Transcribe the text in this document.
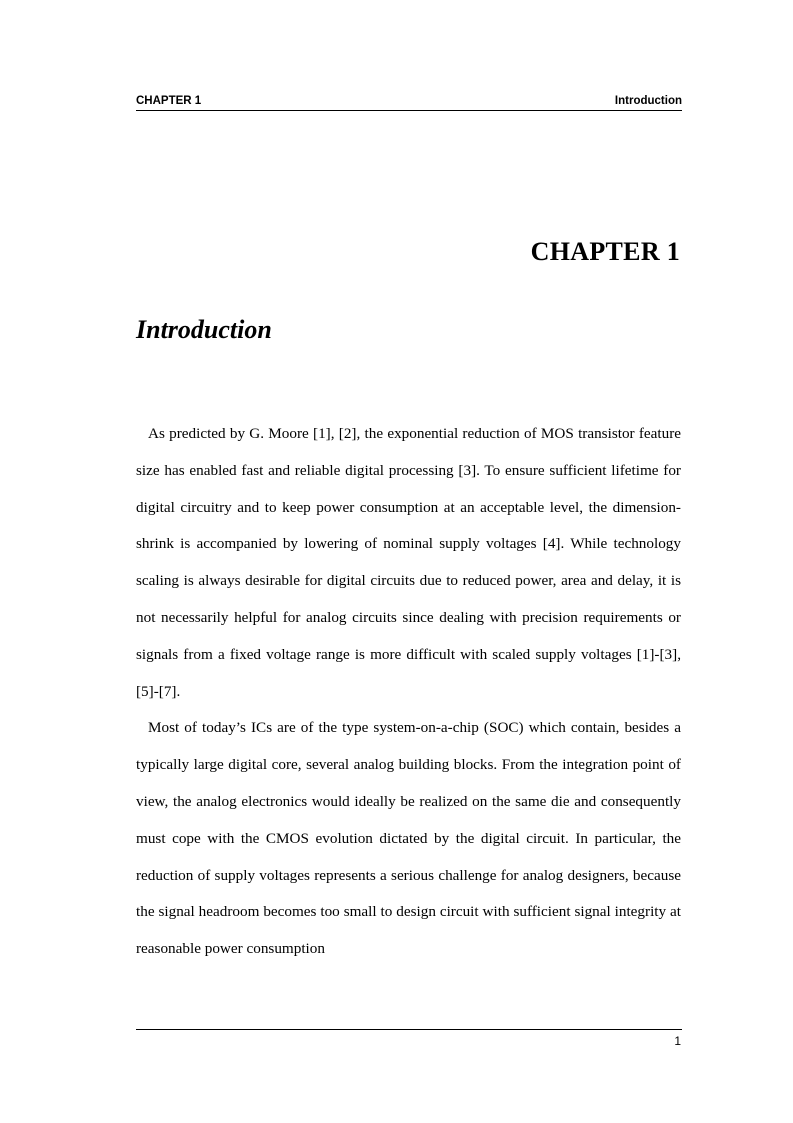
CHAPTER 1	Introduction
CHAPTER 1
Introduction

As predicted by G. Moore [1], [2], the exponential reduction of MOS transistor feature size has enabled fast and reliable digital processing [3]. To ensure sufficient lifetime for digital circuitry and to keep power consumption at an acceptable level, the dimension-shrink is accompanied by lowering of nominal supply voltages [4]. While technology scaling is always desirable for digital circuits due to reduced power, area and delay, it is not necessarily helpful for analog circuits since dealing with precision requirements or signals from a fixed voltage range is more difficult with scaled supply voltages [1]-[3], [5]-[7].

Most of today’s ICs are of the type system-on-a-chip (SOC) which contain, besides a typically large digital core, several analog building blocks. From the integration point of view, the analog electronics would ideally be realized on the same die and consequently must cope with the CMOS evolution dictated by the digital circuit. In particular, the reduction of supply voltages represents a serious challenge for analog designers, because the signal headroom becomes too small to design circuit with sufficient signal integrity at reasonable power consumption

1
